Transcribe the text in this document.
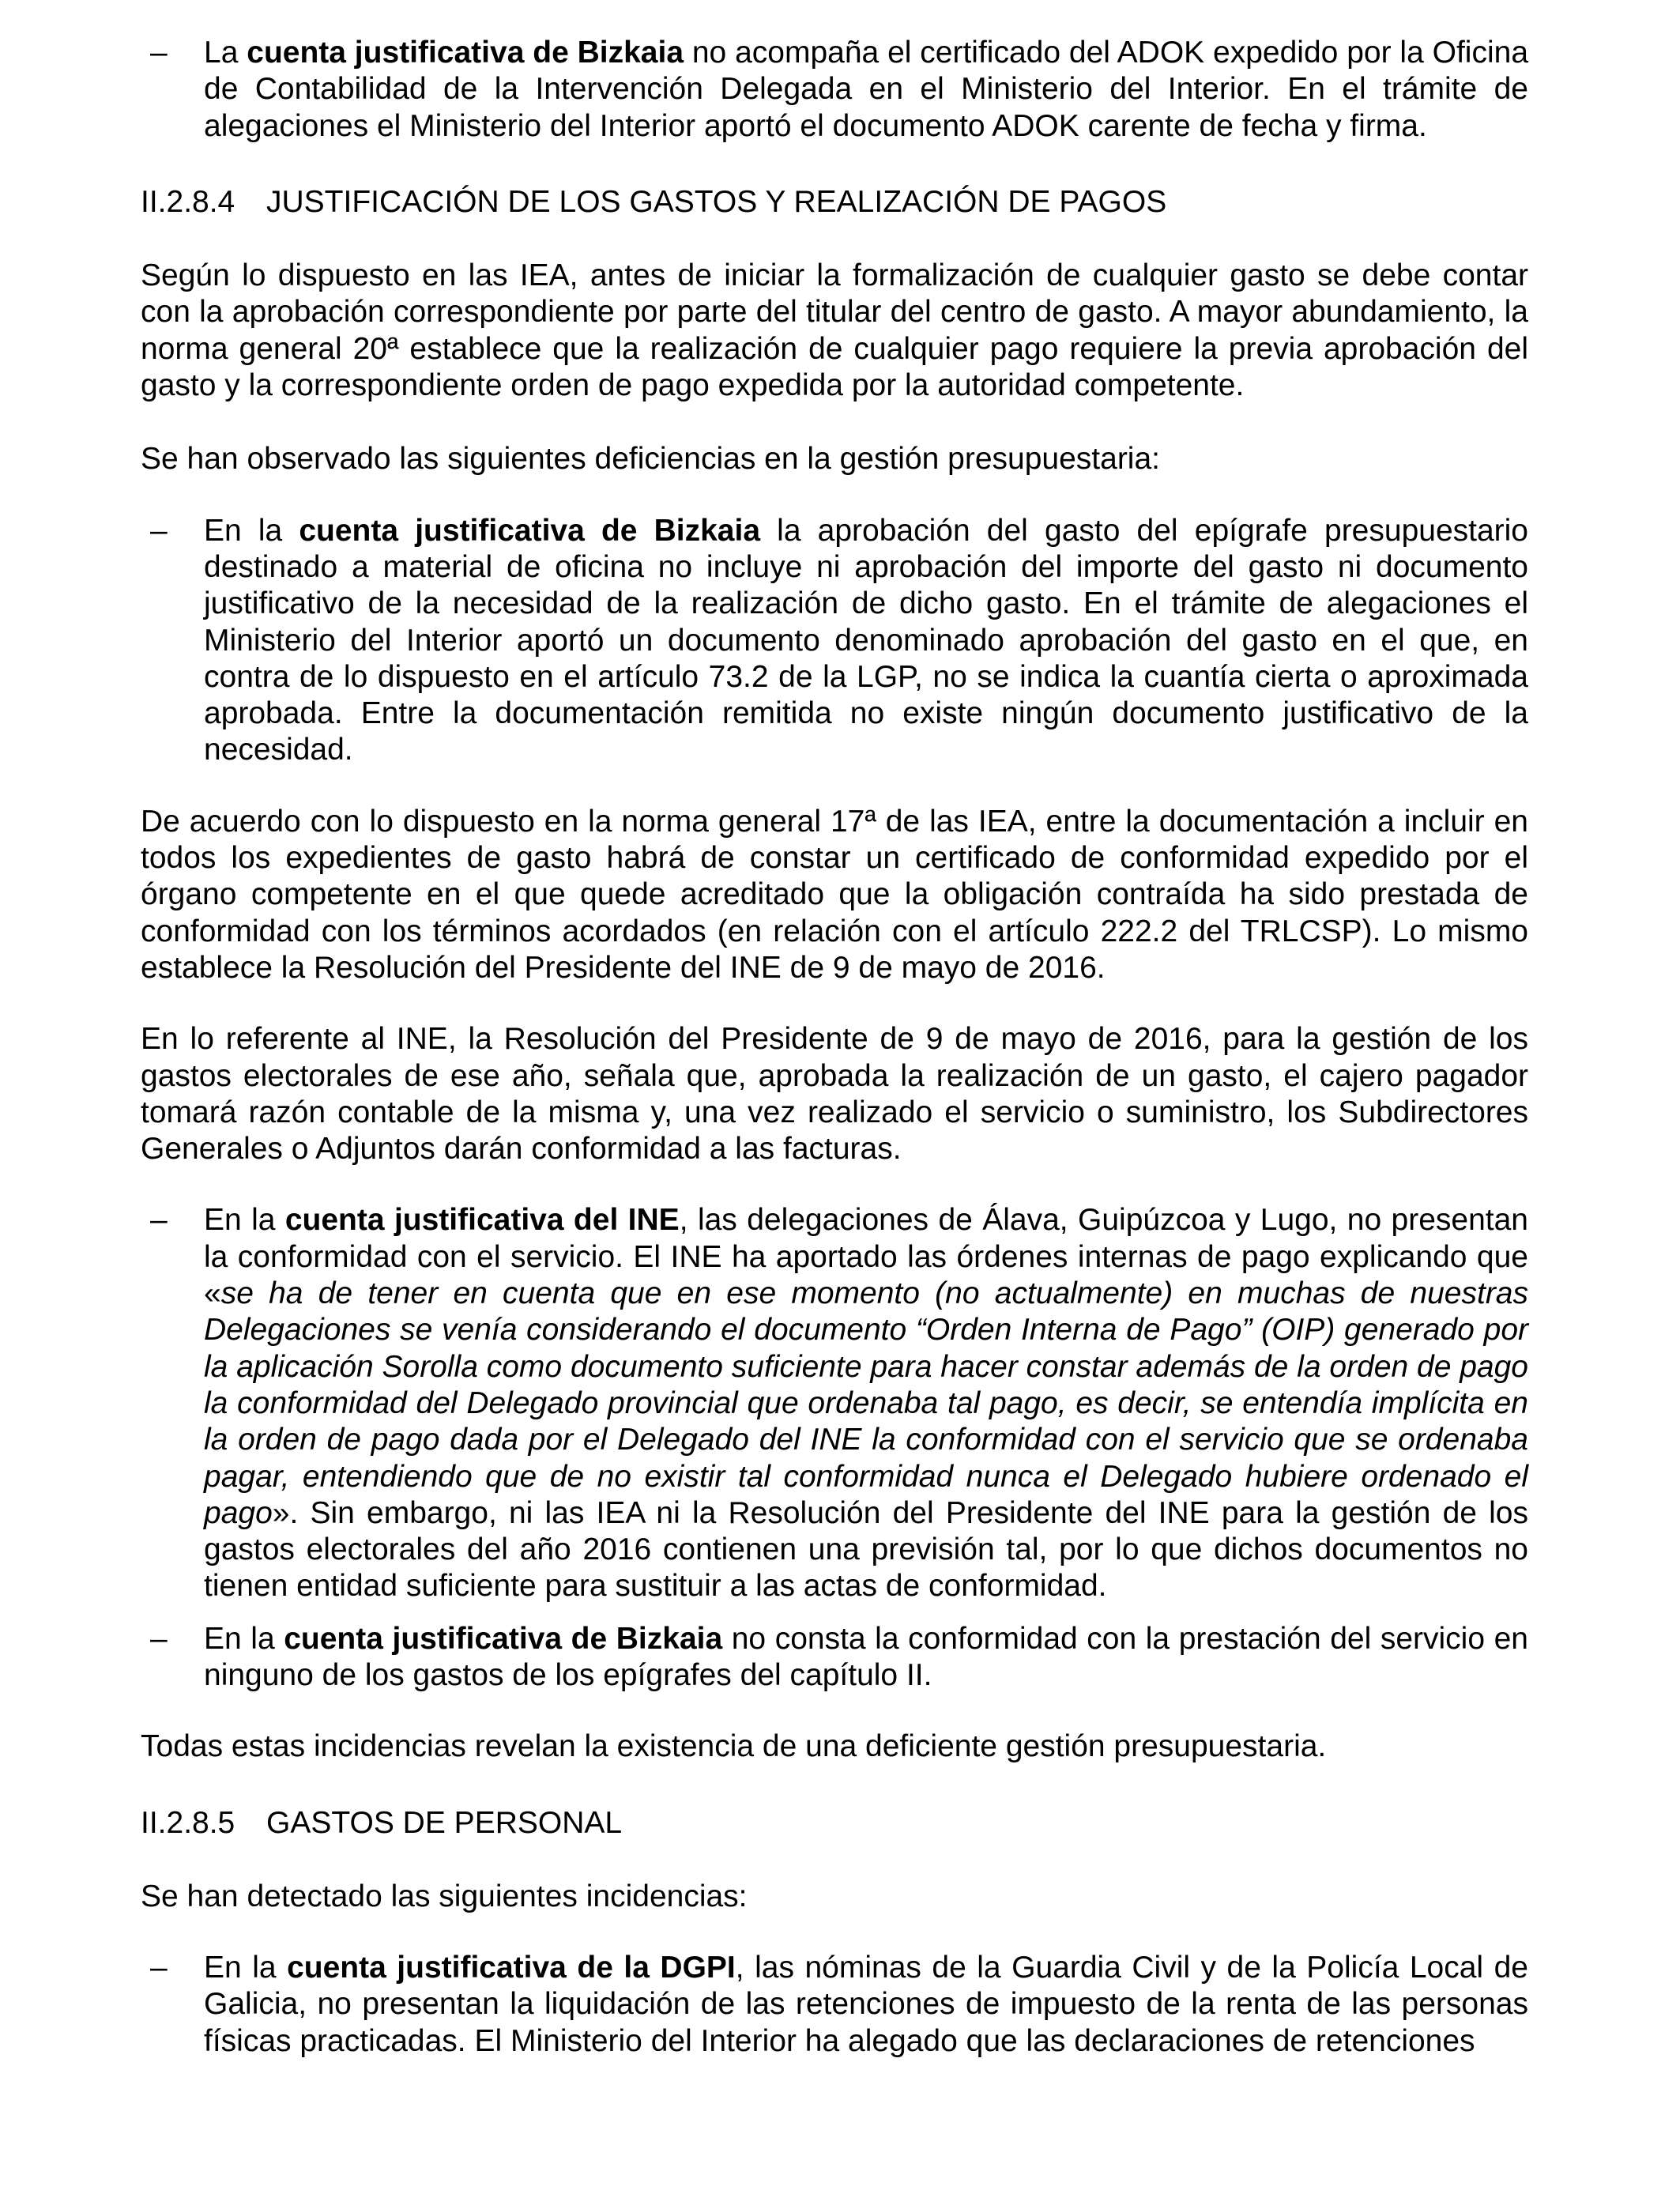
– La cuenta justificativa de Bizkaia no acompaña el certificado del ADOK expedido por la Oficina de Contabilidad de la Intervención Delegada en el Ministerio del Interior. En el trámite de alegaciones el Ministerio del Interior aportó el documento ADOK carente de fecha y firma.

II.2.8.4	JUSTIFICACIÓN DE LOS GASTOS Y REALIZACIÓN DE PAGOS

Según lo dispuesto en las IEA, antes de iniciar la formalización de cualquier gasto se debe contar con la aprobación correspondiente por parte del titular del centro de gasto. A mayor abundamiento, la norma general 20ª establece que la realización de cualquier pago requiere la previa aprobación del gasto y la correspondiente orden de pago expedida por la autoridad competente.

Se han observado las siguientes deficiencias en la gestión presupuestaria:

– En la cuenta justificativa de Bizkaia la aprobación del gasto del epígrafe presupuestario destinado a material de oficina no incluye ni aprobación del importe del gasto ni documento justificativo de la necesidad de la realización de dicho gasto. En el trámite de alegaciones el Ministerio del Interior aportó un documento denominado aprobación del gasto en el que, en contra de lo dispuesto en el artículo 73.2 de la LGP, no se indica la cuantía cierta o aproximada aprobada. Entre la documentación remitida no existe ningún documento justificativo de la necesidad.

De acuerdo con lo dispuesto en la norma general 17ª de las IEA, entre la documentación a incluir en todos los expedientes de gasto habrá de constar un certificado de conformidad expedido por el órgano competente en el que quede acreditado que la obligación contraída ha sido prestada de conformidad con los términos acordados (en relación con el artículo 222.2 del TRLCSP). Lo mismo establece la Resolución del Presidente del INE de 9 de mayo de 2016.

En lo referente al INE, la Resolución del Presidente de 9 de mayo de 2016, para la gestión de los gastos electorales de ese año, señala que, aprobada la realización de un gasto, el cajero pagador tomará razón contable de la misma y, una vez realizado el servicio o suministro, los Subdirectores Generales o Adjuntos darán conformidad a las facturas.

– En la cuenta justificativa del INE, las delegaciones de Álava, Guipúzcoa y Lugo, no presentan la conformidad con el servicio. El INE ha aportado las órdenes internas de pago explicando que «se ha de tener en cuenta que en ese momento (no actualmente) en muchas de nuestras Delegaciones se venía considerando el documento “Orden Interna de Pago” (OIP) generado por la aplicación Sorolla como documento suficiente para hacer constar además de la orden de pago la conformidad del Delegado provincial que ordenaba tal pago, es decir, se entendía implícita en la orden de pago dada por el Delegado del INE la conformidad con el servicio que se ordenaba pagar, entendiendo que de no existir tal conformidad nunca el Delegado hubiere ordenado el pago». Sin embargo, ni las IEA ni la Resolución del Presidente del INE para la gestión de los gastos electorales del año 2016 contienen una previsión tal, por lo que dichos documentos no tienen entidad suficiente para sustituir a las actas de conformidad.

– En la cuenta justificativa de Bizkaia no consta la conformidad con la prestación del servicio en ninguno de los gastos de los epígrafes del capítulo II.

Todas estas incidencias revelan la existencia de una deficiente gestión presupuestaria.

II.2.8.5	GASTOS DE PERSONAL

Se han detectado las siguientes incidencias:

– En la cuenta justificativa de la DGPI, las nóminas de la Guardia Civil y de la Policía Local de Galicia, no presentan la liquidación de las retenciones de impuesto de la renta de las personas físicas practicadas. El Ministerio del Interior ha alegado que las declaraciones de retenciones
